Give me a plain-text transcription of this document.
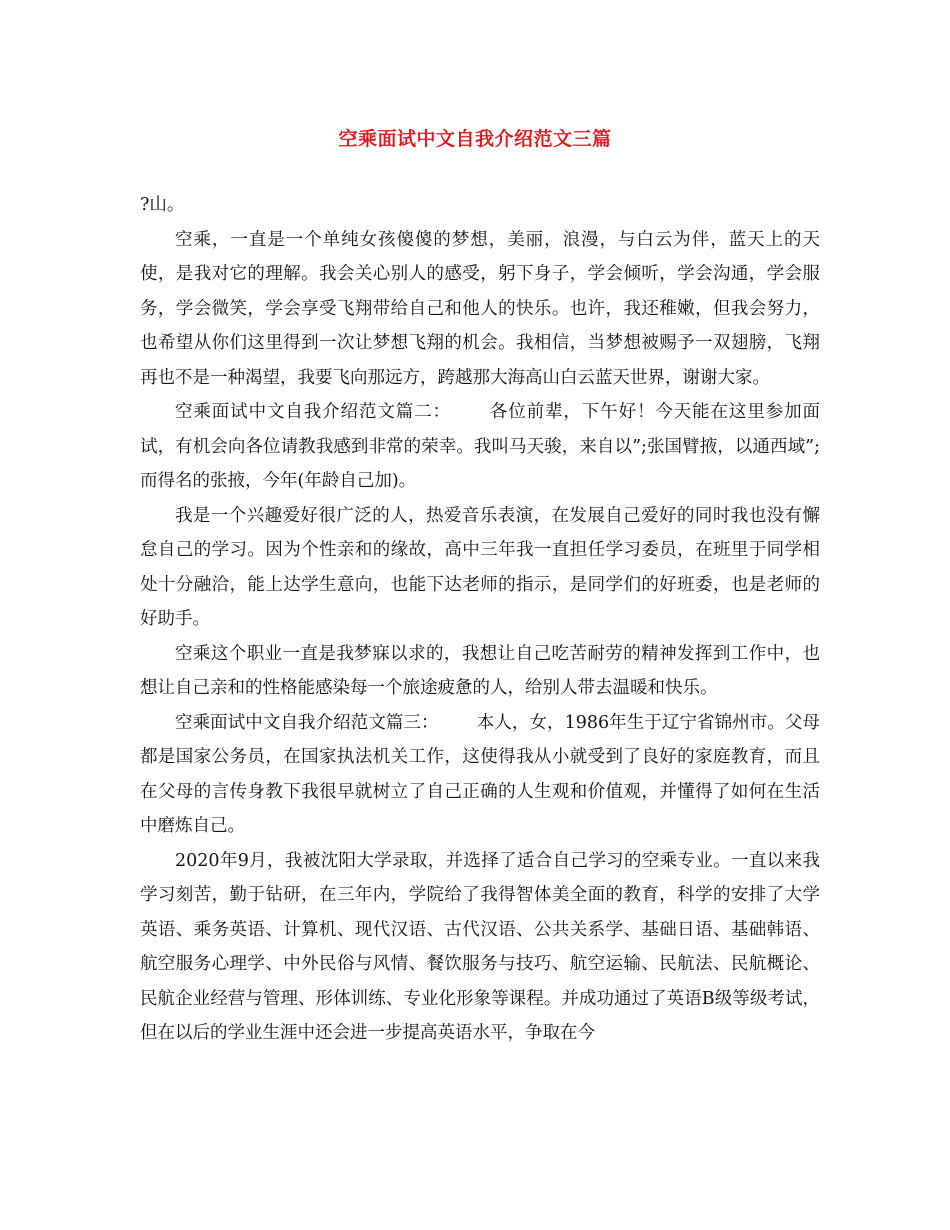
空乘面试中文自我介绍范文三篇

?山。

空乘，一直是一个单纯女孩傻傻的梦想，美丽，浪漫，与白云为伴，蓝天上的天使，是我对它的理解。我会关心别人的感受，躬下身子，学会倾听，学会沟通，学会服务，学会微笑，学会享受飞翔带给自己和他人的快乐。也许，我还稚嫩，但我会努力，也希望从你们这里得到一次让梦想飞翔的机会。我相信，当梦想被赐予一双翅膀，飞翔再也不是一种渴望，我要飞向那远方，跨越那大海高山白云蓝天世界，谢谢大家。

空乘面试中文自我介绍范文篇二： 各位前辈，下午好！今天能在这里参加面试，有机会向各位请教我感到非常的荣幸。我叫马天骏，来自以”;张国臂掖，以通西域”;而得名的张掖，今年(年龄自己加)。

我是一个兴趣爱好很广泛的人，热爱音乐表演，在发展自己爱好的同时我也没有懈怠自己的学习。因为个性亲和的缘故，高中三年我一直担任学习委员，在班里于同学相处十分融洽，能上达学生意向，也能下达老师的指示，是同学们的好班委，也是老师的好助手。

空乘这个职业一直是我梦寐以求的，我想让自己吃苦耐劳的精神发挥到工作中，也想让自己亲和的性格能感染每一个旅途疲惫的人，给别人带去温暖和快乐。

空乘面试中文自我介绍范文篇三： 本人，女，1986年生于辽宁省锦州市。父母都是国家公务员，在国家执法机关工作，这使得我从小就受到了良好的家庭教育，而且在父母的言传身教下我很早就树立了自己正确的人生观和价值观，并懂得了如何在生活中磨炼自己。

2020年9月，我被沈阳大学录取，并选择了适合自己学习的空乘专业。一直以来我学习刻苦，勤于钻研，在三年内，学院给了我得智体美全面的教育，科学的安排了大学英语、乘务英语、计算机、现代汉语、古代汉语、公共关系学、基础日语、基础韩语、航空服务心理学、中外民俗与风情、餐饮服务与技巧、航空运输、民航法、民航概论、民航企业经营与管理、形体训练、专业化形象等课程。并成功通过了英语B级等级考试，但在以后的学业生涯中还会进一步提高英语水平，争取在今
